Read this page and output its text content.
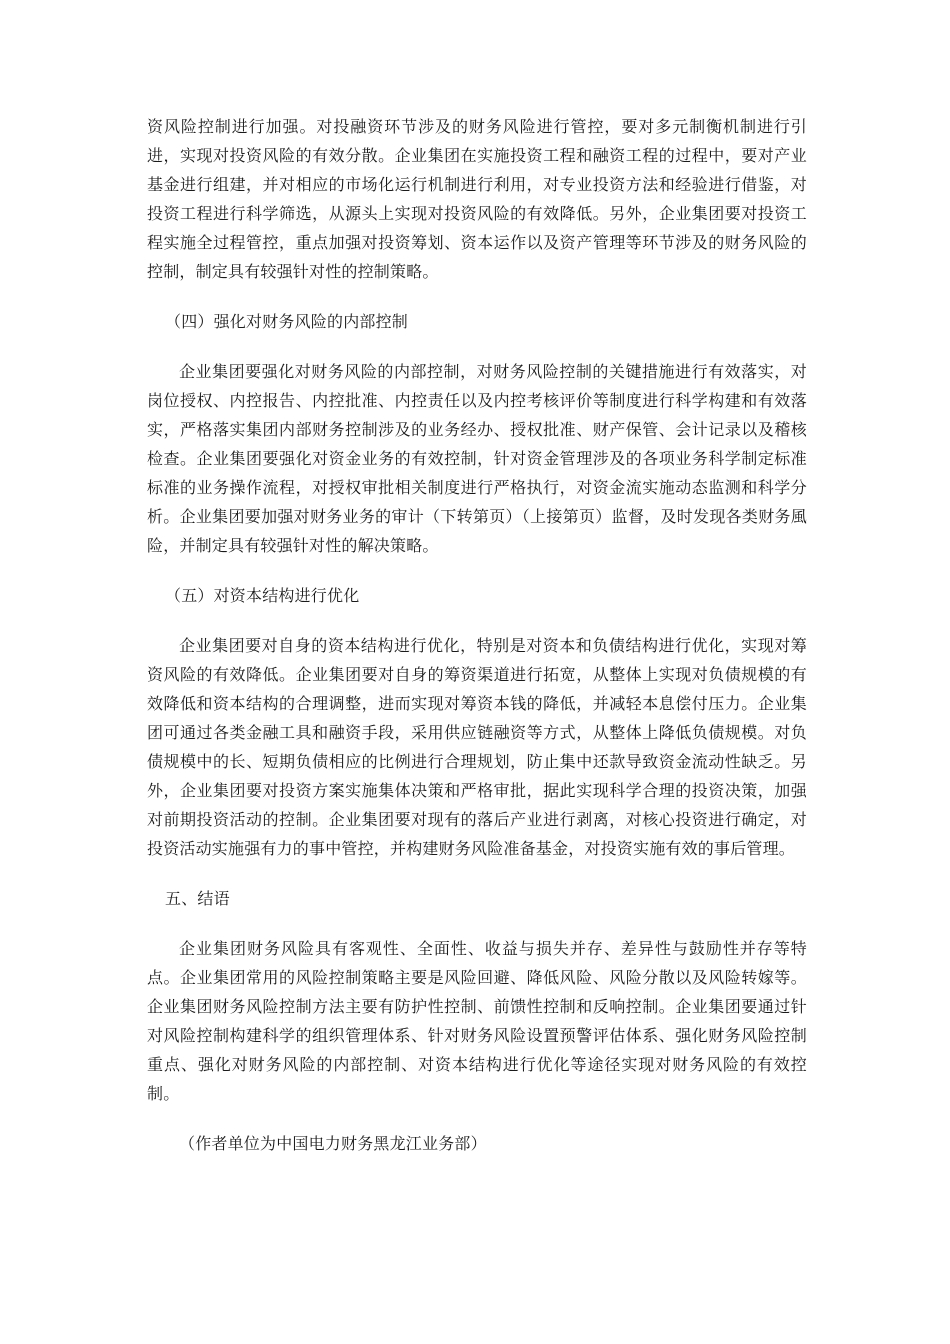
资风险控制进行加强。对投融资环节涉及的财务风险进行管控，要对多元制衡机制进行引进，实现对投资风险的有效分散。企业集团在实施投资工程和融资工程的过程中，要对产业基金进行组建，并对相应的市场化运行机制进行利用，对专业投资方法和经验进行借鉴，对投资工程进行科学筛选，从源头上实现对投资风险的有效降低。另外，企业集团要对投资工程实施全过程管控，重点加强对投资筹划、资本运作以及资产管理等环节涉及的财务风险的控制，制定具有较强针对性的控制策略。

（四）强化对财务风险的内部控制

企业集团要强化对财务风险的内部控制，对财务风险控制的关键措施进行有效落实，对岗位授权、内控报告、内控批准、内控责任以及内控考核评价等制度进行科学构建和有效落实，严格落实集团内部财务控制涉及的业务经办、授权批准、财产保管、会计记录以及稽核检查。企业集团要强化对资金业务的有效控制，针对资金管理涉及的各项业务科学制定标准标准的业务操作流程，对授权审批相关制度进行严格执行，对资金流实施动态监测和科学分析。企业集团要加强对财务业务的审计（下转第页）（上接第页）监督，及时发现各类财务風险，并制定具有较强针对性的解决策略。

（五）对资本结构进行优化

企业集团要对自身的资本结构进行优化，特别是对资本和负债结构进行优化，实现对筹资风险的有效降低。企业集团要对自身的筹资渠道进行拓宽，从整体上实现对负债规模的有效降低和资本结构的合理调整，进而实现对筹资本钱的降低，并减轻本息偿付压力。企业集团可通过各类金融工具和融资手段，采用供应链融资等方式，从整体上降低负债规模。对负债规模中的长、短期负债相应的比例进行合理规划，防止集中还款导致资金流动性缺乏。另外，企业集团要对投资方案实施集体决策和严格审批，据此实现科学合理的投资决策，加强对前期投资活动的控制。企业集团要对现有的落后产业进行剥离，对核心投资进行确定，对投资活动实施强有力的事中管控，并构建财务风险准备基金，对投资实施有效的事后管理。

五、结语

企业集团财务风险具有客观性、全面性、收益与损失并存、差异性与鼓励性并存等特点。企业集团常用的风险控制策略主要是风险回避、降低风险、风险分散以及风险转嫁等。企业集团财务风险控制方法主要有防护性控制、前馈性控制和反响控制。企业集团要通过针对风险控制构建科学的组织管理体系、针对财务风险设置预警评估体系、强化财务风险控制重点、强化对财务风险的内部控制、对资本结构进行优化等途径实现对财务风险的有效控制。

（作者单位为中国电力财务黑龙江业务部）
